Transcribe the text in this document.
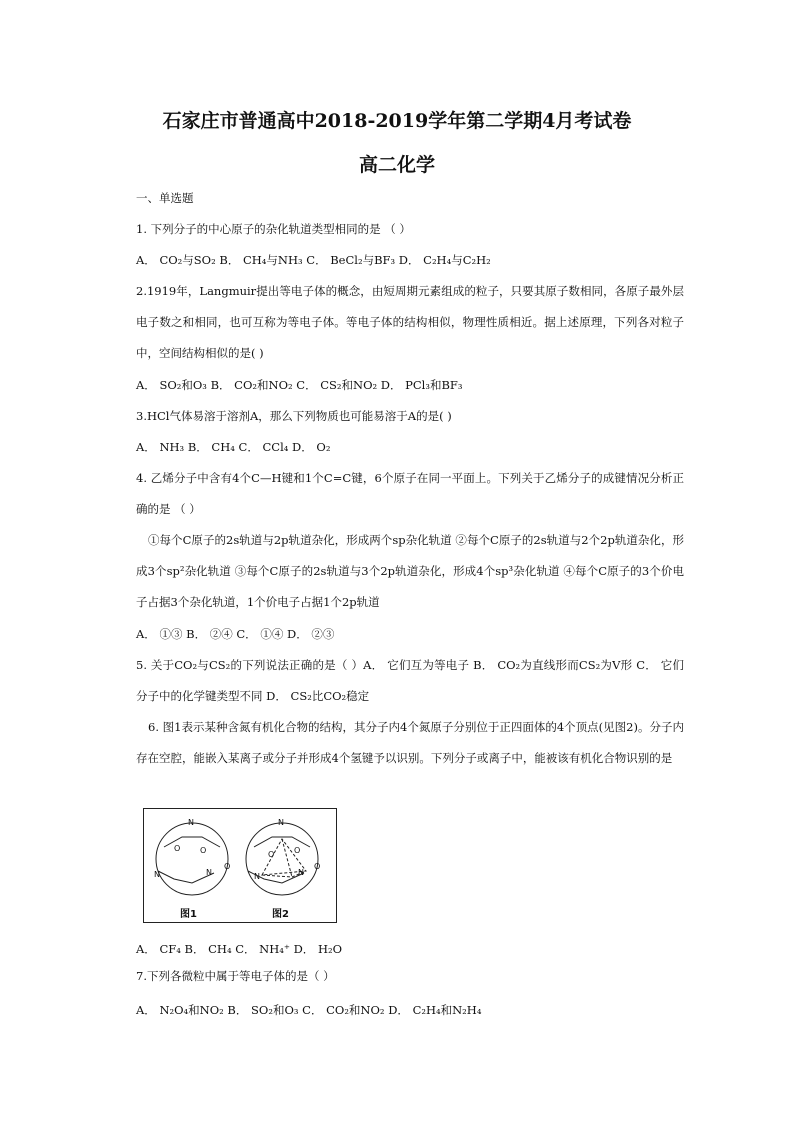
石家庄市普通高中2018-2019学年第二学期4月考试卷
高二化学
一、单选题
1. 下列分子的中心原子的杂化轨道类型相同的是 （ ）
A． CO₂与SO₂ B． CH₄与NH₃ C． BeCl₂与BF₃ D． C₂H₄与C₂H₂
2.1919年，Langmuir提出等电子体的概念，由短周期元素组成的粒子，只要其原子数相同，各原子最外层电子数之和相同，也可互称为等电子体。等电子体的结构相似，物理性质相近。据上述原理，下列各对粒子中，空间结构相似的是( )
A． SO₂和O₃ B． CO₂和NO₂ C． CS₂和NO₂ D． PCl₃和BF₃
3.HCl气体易溶于溶剂A，那么下列物质也可能易溶于A的是( )
A． NH₃ B． CH₄ C． CCl₄ D． O₂
4. 乙烯分子中含有4个C—H键和1个C=C键，6个原子在同一平面上。下列关于乙烯分子的成键情况分析正确的是 （ ）
①每个C原子的2s轨道与2p轨道杂化，形成两个sp杂化轨道 ②每个C原子的2s轨道与2个2p轨道杂化，形成3个sp²杂化轨道 ③每个C原子的2s轨道与3个2p轨道杂化，形成4个sp³杂化轨道 ④每个C原子的3个价电子占据3个杂化轨道，1个价电子占据1个2p轨道
A． ①③ B． ②④ C． ①④ D． ②③
5. 关于CO₂与CS₂的下列说法正确的是（ ）A． 它们互为等电子 B． CO₂为直线形而CS₂为V形 C． 它们分子中的化学键类型不同 D． CS₂比CO₂稳定
6. 图1表示某种含氮有机化合物的结构，其分子内4个氮原子分别位于正四面体的4个顶点(见图2)。分子内存在空腔，能嵌入某离子或分子并形成4个氢键予以识别。下列分子或离子中，能被该有机化合物识别的是
N
N	N
O O
O
N
N	N
O O
O
图1	图2
A． CF₄ B． CH₄ C． NH₄⁺ D． H₂O
7.下列各微粒中属于等电子体的是（ ）
A． N₂O₄和NO₂ B． SO₂和O₃ C． CO₂和NO₂ D． C₂H₄和N₂H₄
